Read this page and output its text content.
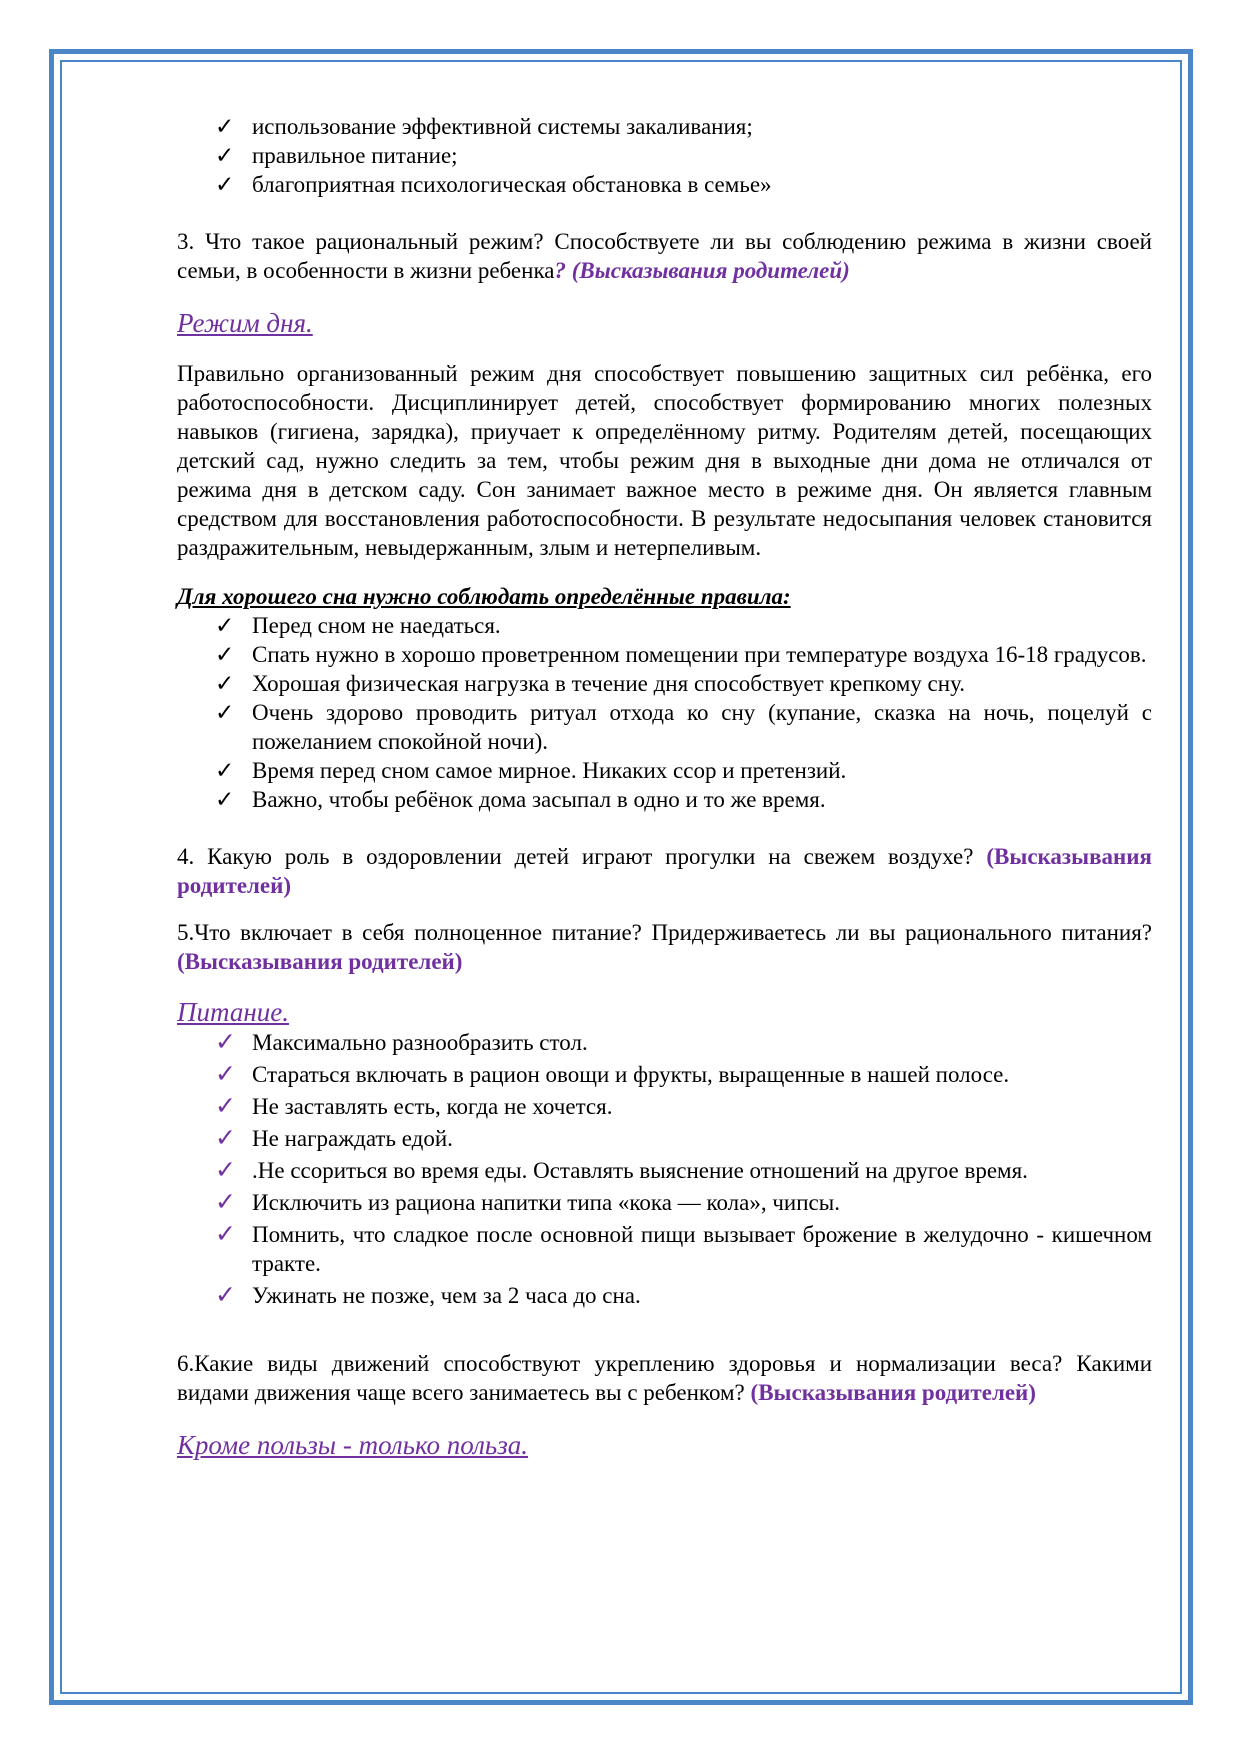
✓ использование эффективной системы закаливания;
✓ правильное питание;
✓ благоприятная психологическая обстановка в семье»

3. Что такое рациональный режим? Способствуете ли вы соблюдению режима в жизни своей семьи, в особенности в жизни ребенка? (Высказывания родителей)

Режим дня.

Правильно организованный режим дня способствует повышению защитных сил ребёнка, его работоспособности. Дисциплинирует детей, способствует формированию многих полезных навыков (гигиена, зарядка), приучает к определённому ритму. Родителям детей, посещающих детский сад, нужно следить за тем, чтобы режим дня в выходные дни дома не отличался от режима дня в детском саду. Сон занимает важное место в режиме дня. Он является главным средством для восстановления работоспособности. В результате недосыпания человек становится раздражительным, невыдержанным, злым и нетерпеливым.

Для хорошего сна нужно соблюдать определённые правила:

✓ Перед сном не наедаться.
✓ Спать нужно в хорошо проветренном помещении при температуре воздуха 16-18 градусов.
✓ Хорошая физическая нагрузка в течение дня способствует крепкому сну.
✓ Очень здорово проводить ритуал отхода ко сну (купание, сказка на ночь, поцелуй с пожеланием спокойной ночи).
✓ Время перед сном самое мирное. Никаких ссор и претензий.
✓ Важно, чтобы ребёнок дома засыпал в одно и то же время.

4. Какую роль в оздоровлении детей играют прогулки на свежем воздухе? (Высказывания родителей)

5.Что включает в себя полноценное питание? Придерживаетесь ли вы рационального питания? (Высказывания родителей)

Питание.

✓ Максимально разнообразить стол.
✓ Стараться включать в рацион овощи и фрукты, выращенные в нашей полосе.
✓ Не заставлять есть, когда не хочется.
✓ Не награждать едой.
✓ .Не ссориться во время еды. Оставлять выяснение отношений на другое время.
✓ Исключить из рациона напитки типа «кока — кола», чипсы.
✓ Помнить, что сладкое после основной пищи вызывает брожение в желудочно - кишечном тракте.
✓ Ужинать не позже, чем за 2 часа до сна.

6.Какие виды движений способствуют укреплению здоровья и нормализации веса? Какими видами движения чаще всего занимаетесь вы с ребенком? (Высказывания родителей)

Кроме пользы - только польза.
